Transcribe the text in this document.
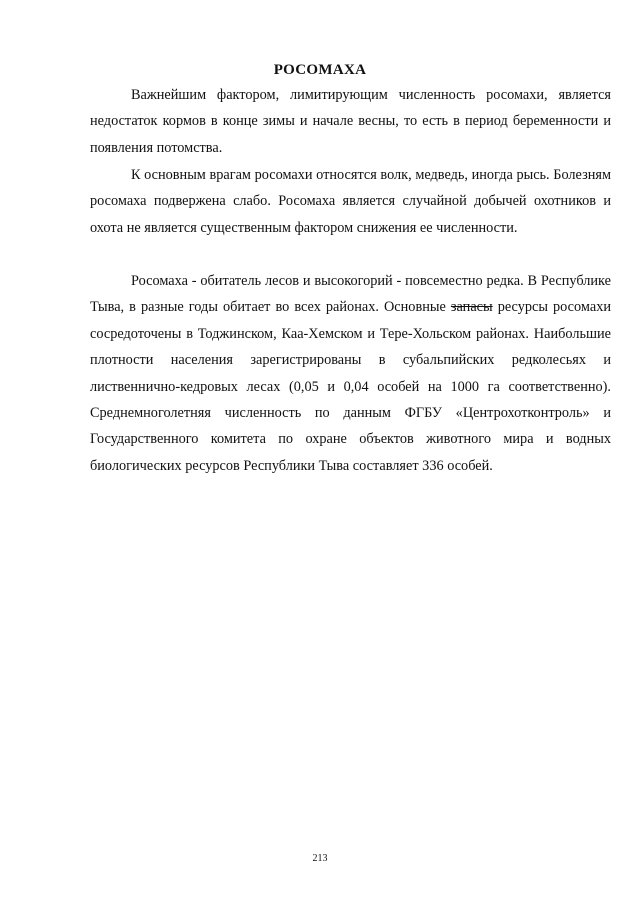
РОСОМАХА

Важнейшим фактором, лимитирующим численность росомахи, является недостаток кормов в конце зимы и начале весны, то есть в период беременности и появления потомства.

К основным врагам росомахи относятся волк, медведь, иногда рысь. Болезням росомаха подвержена слабо. Росомаха является случайной добычей охотников и охота не является существенным фактором снижения ее численности.

Росомаха - обитатель лесов и высокогорий - повсеместно редка. В Республике Тыва, в разные годы обитает во всех районах. Основные запасы ресурсы росомахи сосредоточены в Тоджинском, Каа-Хемском и Тере-Хольском районах. Наибольшие плотности населения зарегистрированы в субальпийских редколесьях и лиственнично-кедровых лесах (0,05 и 0,04 особей на 1000 га соответственно). Среднемноголетняя численность по данным ФГБУ «Центрохотконтроль» и Государственного комитета по охране объектов животного мира и водных биологических ресурсов Республики Тыва составляет 336 особей.

213
